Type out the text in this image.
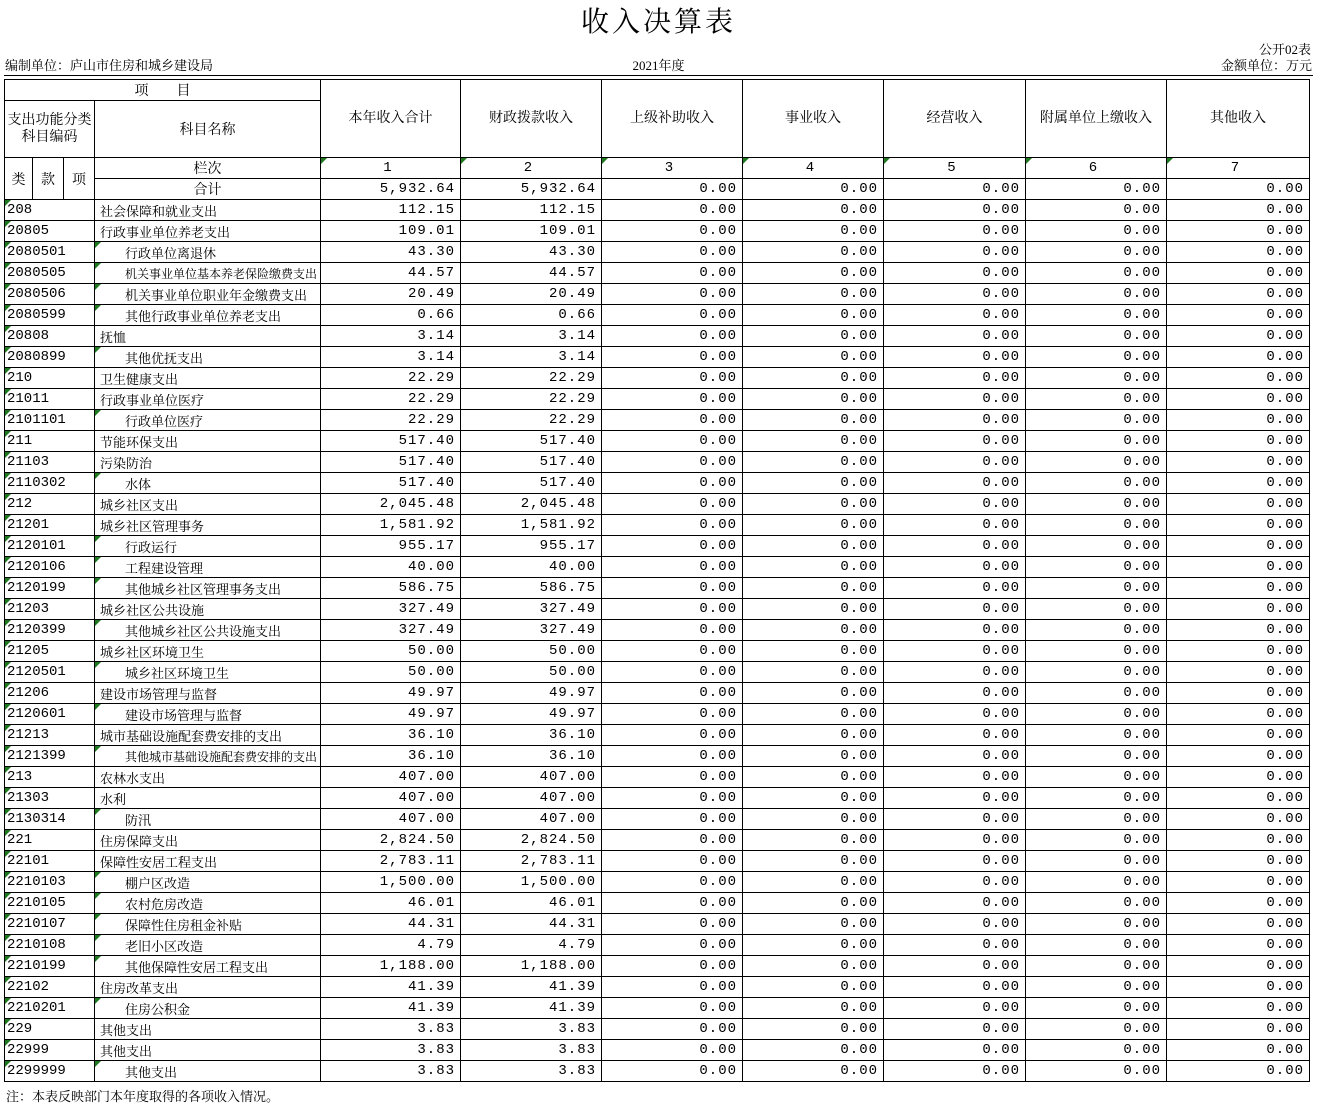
收入决算表
公开02表
编制单位：庐山市住房和城乡建设局	2021年度	金额单位：万元
项　　目				本年收入合计	财政拨款收入	上级补助收入	事业收入	经营收入	附属单位上缴收入	其他收入
支出功能分类科目编码			科目名称							
类	款	项	栏次	1	2	3	4	5	6	7
			合计	5,932.64	5,932.64	0.00	0.00	0.00	0.00	0.00

208			社会保障和就业支出	112.15	112.15	0.00	0.00	0.00	0.00	0.00

20805			行政事业单位养老支出	109.01	109.01	0.00	0.00	0.00	0.00	0.00

2080501			行政单位离退休	43.30	43.30	0.00	0.00	0.00	0.00	0.00

2080505			机关事业单位基本养老保险缴费支出	44.57	44.57	0.00	0.00	0.00	0.00	0.00

2080506			机关事业单位职业年金缴费支出	20.49	20.49	0.00	0.00	0.00	0.00	0.00

2080599			其他行政事业单位养老支出	0.66	0.66	0.00	0.00	0.00	0.00	0.00

20808			抚恤	3.14	3.14	0.00	0.00	0.00	0.00	0.00

2080899			其他优抚支出	3.14	3.14	0.00	0.00	0.00	0.00	0.00

210			卫生健康支出	22.29	22.29	0.00	0.00	0.00	0.00	0.00

21011			行政事业单位医疗	22.29	22.29	0.00	0.00	0.00	0.00	0.00

2101101			行政单位医疗	22.29	22.29	0.00	0.00	0.00	0.00	0.00

211			节能环保支出	517.40	517.40	0.00	0.00	0.00	0.00	0.00

21103			污染防治	517.40	517.40	0.00	0.00	0.00	0.00	0.00

2110302			水体	517.40	517.40	0.00	0.00	0.00	0.00	0.00

212			城乡社区支出	2,045.48	2,045.48	0.00	0.00	0.00	0.00	0.00

21201			城乡社区管理事务	1,581.92	1,581.92	0.00	0.00	0.00	0.00	0.00

2120101			行政运行	955.17	955.17	0.00	0.00	0.00	0.00	0.00

2120106			工程建设管理	40.00	40.00	0.00	0.00	0.00	0.00	0.00

2120199			其他城乡社区管理事务支出	586.75	586.75	0.00	0.00	0.00	0.00	0.00

21203			城乡社区公共设施	327.49	327.49	0.00	0.00	0.00	0.00	0.00

2120399			其他城乡社区公共设施支出	327.49	327.49	0.00	0.00	0.00	0.00	0.00

21205			城乡社区环境卫生	50.00	50.00	0.00	0.00	0.00	0.00	0.00

2120501			城乡社区环境卫生	50.00	50.00	0.00	0.00	0.00	0.00	0.00

21206			建设市场管理与监督	49.97	49.97	0.00	0.00	0.00	0.00	0.00

2120601			建设市场管理与监督	49.97	49.97	0.00	0.00	0.00	0.00	0.00

21213			城市基础设施配套费安排的支出	36.10	36.10	0.00	0.00	0.00	0.00	0.00

2121399			其他城市基础设施配套费安排的支出	36.10	36.10	0.00	0.00	0.00	0.00	0.00

213			农林水支出	407.00	407.00	0.00	0.00	0.00	0.00	0.00

21303			水利	407.00	407.00	0.00	0.00	0.00	0.00	0.00

2130314			防汛	407.00	407.00	0.00	0.00	0.00	0.00	0.00

221			住房保障支出	2,824.50	2,824.50	0.00	0.00	0.00	0.00	0.00

22101			保障性安居工程支出	2,783.11	2,783.11	0.00	0.00	0.00	0.00	0.00

2210103			棚户区改造	1,500.00	1,500.00	0.00	0.00	0.00	0.00	0.00

2210105			农村危房改造	46.01	46.01	0.00	0.00	0.00	0.00	0.00

2210107			保障性住房租金补贴	44.31	44.31	0.00	0.00	0.00	0.00	0.00

2210108			老旧小区改造	4.79	4.79	0.00	0.00	0.00	0.00	0.00

2210199			其他保障性安居工程支出	1,188.00	1,188.00	0.00	0.00	0.00	0.00	0.00

22102			住房改革支出	41.39	41.39	0.00	0.00	0.00	0.00	0.00

2210201			住房公积金	41.39	41.39	0.00	0.00	0.00	0.00	0.00

229			其他支出	3.83	3.83	0.00	0.00	0.00	0.00	0.00

22999			其他支出	3.83	3.83	0.00	0.00	0.00	0.00	0.00

2299999			其他支出	3.83	3.83	0.00	0.00	0.00	0.00	0.00
注：本表反映部门本年度取得的各项收入情况。
